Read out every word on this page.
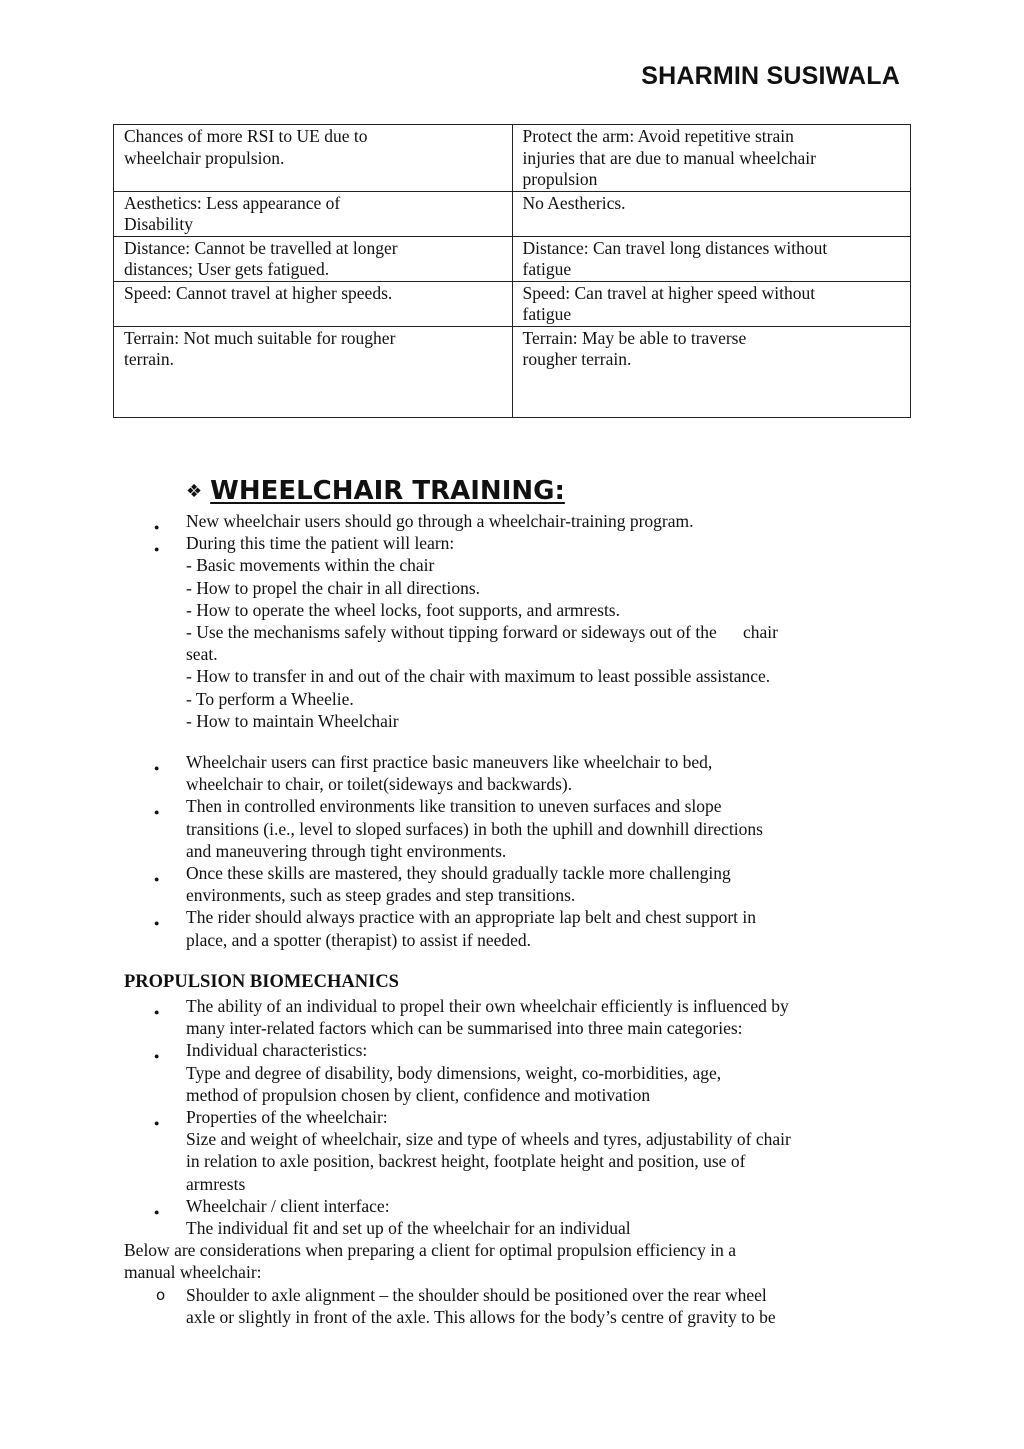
SHARMIN SUSIWALA
Chances of more RSI to UE due to
wheelchair propulsion.	Protect the arm: Avoid repetitive strain
injuries that are due to manual wheelchair
propulsion

Aesthetics: Less appearance of
Disability	No Aestherics.

Distance: Cannot be travelled at longer
distances; User gets fatigued.	Distance: Can travel long distances without
fatigue

Speed: Cannot travel at higher speeds.	Speed: Can travel at higher speed without
fatigue

Terrain: Not much suitable for rougher
terrain.	Terrain: May be able to traverse
rougher terrain.
❖ WHEELCHAIR TRAINING:
● New wheelchair users should go through a wheelchair-training program.
● During this time the patient will learn:
- Basic movements within the chair
- How to propel the chair in all directions.
- How to operate the wheel locks, foot supports, and armrests.
- Use the mechanisms safely without tipping forward or sideways out of the      chair
seat.
- How to transfer in and out of the chair with maximum to least possible assistance.
- To perform a Wheelie.
- How to maintain Wheelchair
● Wheelchair users can first practice basic maneuvers like wheelchair to bed,
wheelchair to chair, or toilet(sideways and backwards).
● Then in controlled environments like transition to uneven surfaces and slope
transitions (i.e., level to sloped surfaces) in both the uphill and downhill directions
and maneuvering through tight environments.
● Once these skills are mastered, they should gradually tackle more challenging
environments, such as steep grades and step transitions.
● The rider should always practice with an appropriate lap belt and chest support in
place, and a spotter (therapist) to assist if needed.
PROPULSION BIOMECHANICS
● The ability of an individual to propel their own wheelchair efficiently is influenced by
many inter-related factors which can be summarised into three main categories:
● Individual characteristics:
Type and degree of disability, body dimensions, weight, co-morbidities, age,
method of propulsion chosen by client, confidence and motivation
● Properties of the wheelchair:
Size and weight of wheelchair, size and type of wheels and tyres, adjustability of chair
in relation to axle position, backrest height, footplate height and position, use of
armrests
● Wheelchair / client interface:
The individual fit and set up of the wheelchair for an individual
Below are considerations when preparing a client for optimal propulsion efficiency in a
manual wheelchair:
o Shoulder to axle alignment – the shoulder should be positioned over the rear wheel
axle or slightly in front of the axle. This allows for the body’s centre of gravity to be
